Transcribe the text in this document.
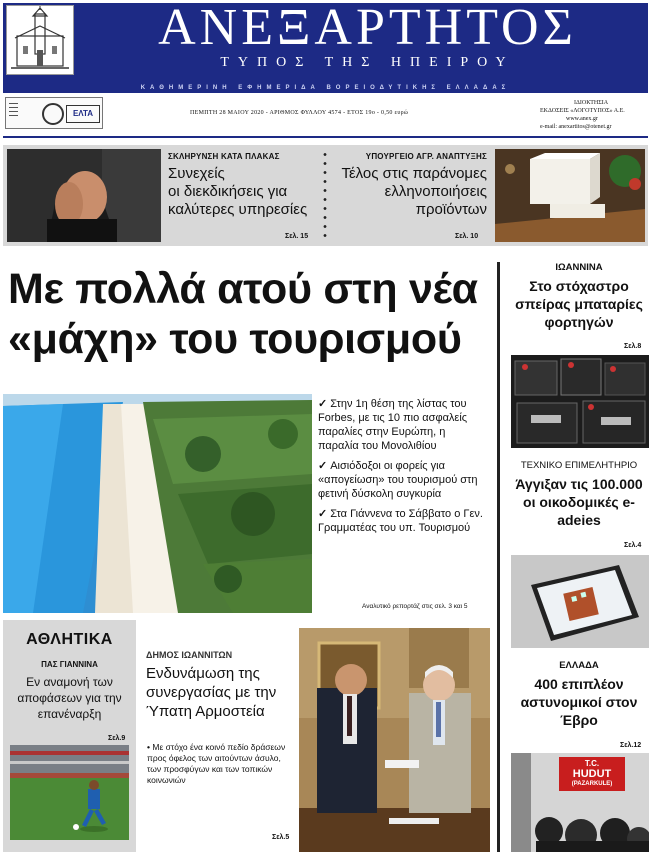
ΑΝΕΞΑΡΤΗΤΟΣ
ΤΥΠΟΣ ΤΗΣ ΗΠΕΙΡΟΥ
ΚΑΘΗΜΕΡΙΝΗ ΕΦΗΜΕΡΙΔΑ ΒΟΡΕΙΟΔΥΤΙΚΗΣ ΕΛΛΑΔΑΣ
▬▬▬
▬▬▬
▬▬▬
▬▬▬	ΕΛΤΑ	ΠΕΜΠΤΗ 28 ΜΑΙΟΥ 2020 - ΑΡΙΘΜΟΣ ΦΥΛΛΟΥ 4574 - ΕΤΟΣ 19ο - 0,50 ευρώ
ΙΔΙΟΚΤΗΣΙΑ
ΕΚΔΟΣΕΙΣ «ΛΟΓΟΤΥΠΟΣ» Α.Ε.
www.anex.gr
e-mail: anexartitos@otenet.gr
ΣΚΛΗΡΥΝΣΗ ΚΑΤΑ ΠΛΑΚΑΣ
Συνεχείς
οι διεκδικήσεις για
καλύτερες υπηρεσίες
Σελ. 15
ΥΠΟΥΡΓΕΙΟ ΑΓΡ. ΑΝΑΠΤΥΞΗΣ
Τέλος στις παράνομες
ελληνοποιήσεις
προϊόντων
Σελ. 10
Με πολλά ατού στη νέα
«μάχη» του τουρισμού
✓ Στην 1η θέση της λίστας του Forbes, με τις 10 πιο ασφαλείς παραλίες στην Ευρώπη, η παραλία του Μονολιθίου
✓ Αισιόδοξοι οι φορείς για «απογείωση» του τουρισμού στη φετινή δύσκολη συγκυρία
✓ Στα Γιάννενα το Σάββατο ο Γεν. Γραμματέας του υπ. Τουρισμού
Αναλυτικό ρεπορτάζ στις σελ. 3 και 5
ΙΩΑΝΝΙΝΑ
Στο στόχαστρο σπείρας μπαταρίες φορτηγών
Σελ.8
ΤΕΧΝΙΚΟ ΕΠΙΜΕΛΗΤΗΡΙΟ
Άγγιξαν τις 100.000 οι οικοδομικές e-adeies
Σελ.4
ΕΛΛΑΔΑ
400 επιπλέον αστυνομικοί στον Έβρο
Σελ.12
T.C.
HUDUT
(PAZARKULE)
ΑΘΛΗΤΙΚΑ
ΠΑΣ ΓΙΑΝΝΙΝΑ
Εν αναμονή των αποφάσεων για την επανέναρξη
Σελ.9
ΔΗΜΟΣ ΙΩΑΝΝΙΤΩΝ
Ενδυνάμωση της συνεργασίας με την Ύπατη Αρμοστεία
• Με στόχο ένα κοινό πεδίο δράσεων προς όφελος των αιτούντων άσυλο, των προσφύγων και των τοπικών κοινωνιών
Σελ.5
